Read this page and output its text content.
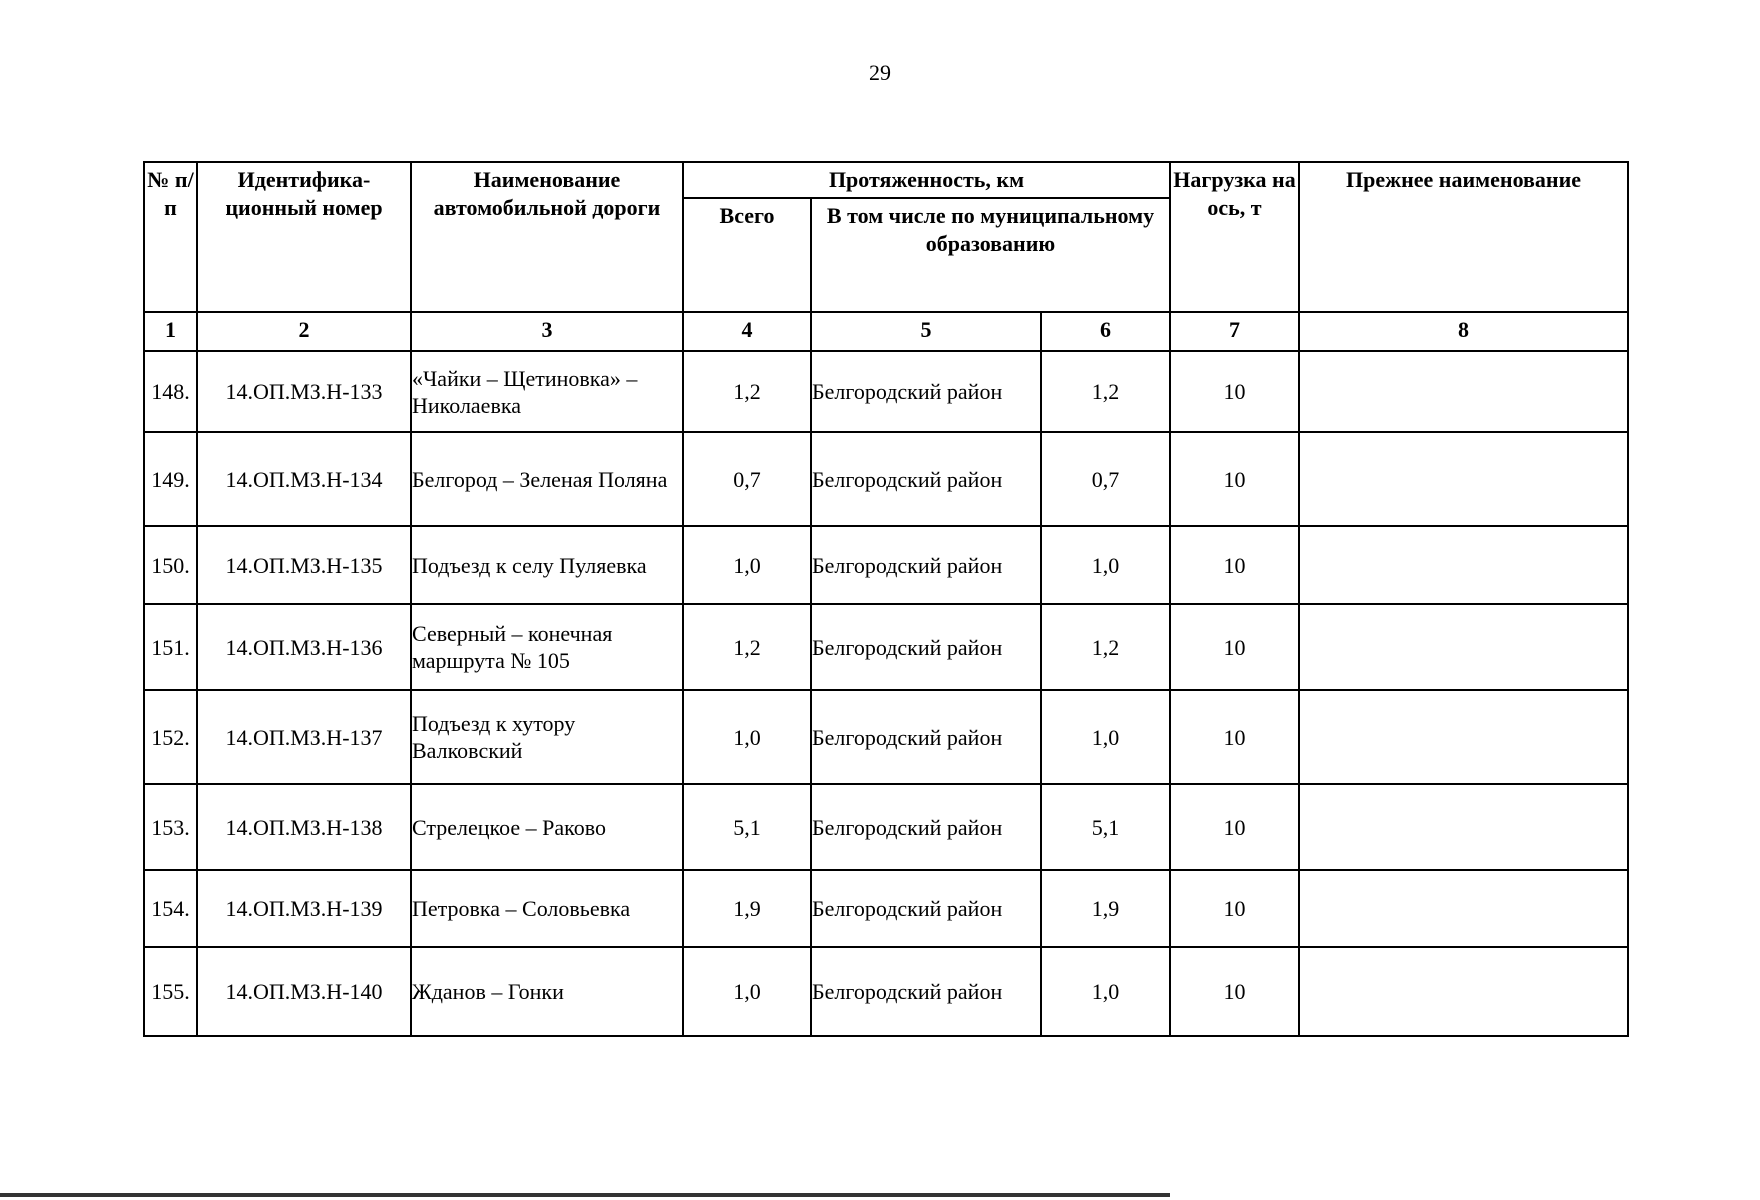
29
№ п/п	Идентифика-ционный номер	Наименование автомобильной дороги	Протяженность, км			Нагрузка на ось, т	Прежнее наименование
			Всего	В том числе по муниципальному образованию			
1	2	3	4	5	6	7	8
148.	14.ОП.МЗ.Н-133	«Чайки – Щетиновка» – Николаевка	1,2	Белгородский район	1,2	10	
149.	14.ОП.МЗ.Н-134	Белгород – Зеленая Поляна	0,7	Белгородский район	0,7	10	
150.	14.ОП.МЗ.Н-135	Подъезд к селу Пуляевка	1,0	Белгородский район	1,0	10	
151.	14.ОП.МЗ.Н-136	Северный – конечная маршрута № 105	1,2	Белгородский район	1,2	10	
152.	14.ОП.МЗ.Н-137	Подъезд к хутору Валковский	1,0	Белгородский район	1,0	10	
153.	14.ОП.МЗ.Н-138	Стрелецкое – Раково	5,1	Белгородский район	5,1	10	
154.	14.ОП.МЗ.Н-139	Петровка – Соловьевка	1,9	Белгородский район	1,9	10	
155.	14.ОП.МЗ.Н-140	Жданов – Гонки	1,0	Белгородский район	1,0	10	
